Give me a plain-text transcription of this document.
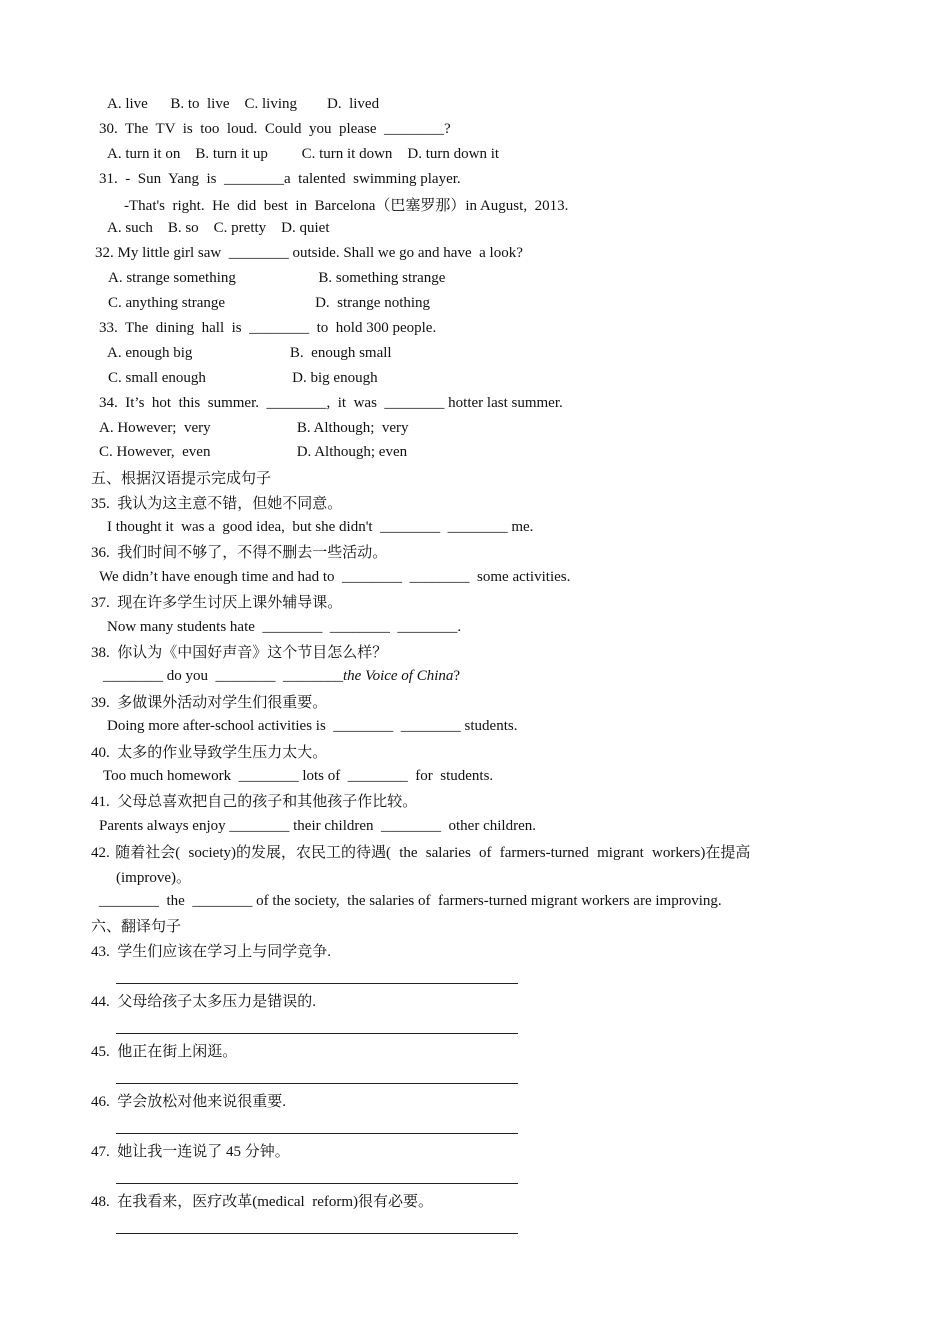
A. live      B. to  live    C. living        D.  lived
30.  The  TV  is  too  loud.  Could  you  please  ________?
A. turn it on    B. turn it up         C. turn it down    D. turn down it
31.  -  Sun  Yang  is  ________a  talented  swimming player.
-That's  right.  He  did  best  in  Barcelona（巴塞罗那）in August,  2013.
A. such    B. so    C. pretty    D. quiet
32. My little girl saw  ________ outside. Shall we go and have  a look?
A. strange something                      B. something strange
C. anything strange                        D.  strange nothing
33.  The  dining  hall  is  ________  to  hold 300 people.
A. enough big                          B.  enough small
C. small enough                       D. big enough
34.  It’s  hot  this  summer.  ________,  it  was  ________ hotter last summer.
A. However;  very                       B. Although;  very
C. However,  even                       D. Although; even
五、根据汉语提示完成句子
35.  我认为这主意不错，但她不同意。
I thought it  was a  good idea,  but she didn't  ________  ________ me.
36.  我们时间不够了，不得不删去一些活动。
We didn’t have enough time and had to  ________  ________  some activities.
37.  现在许多学生讨厌上课外辅导课。
Now many students hate  ________  ________  ________.
38.  你认为《中国好声音》这个节目怎么样？
________ do you  ________  ________the Voice of China?
39.  多做课外活动对学生们很重要。
Doing more after-school activities is  ________  ________ students.
40.  太多的作业导致学生压力太大。
Too much homework  ________ lots of  ________  for  students.
41.  父母总喜欢把自己的孩子和其他孩子作比较。
Parents always enjoy ________ their children  ________  other children.
42.  随着社会(   society)的发展，农民工的待遇(   the   salaries   of   farmers-turned   migrant   workers)在提高
(improve)。
________  the  ________ of the society,  the salaries of  farmers-turned migrant workers are improving.
六、翻译句子
43.  学生们应该在学习上与同学竞争.
44.  父母给孩子太多压力是错误的.
45.  他正在街上闲逛。
46.  学会放松对他来说很重要.
47.  她让我一连说了 45 分钟。
48.  在我看来，医疗改革(medical  reform)很有必要。
